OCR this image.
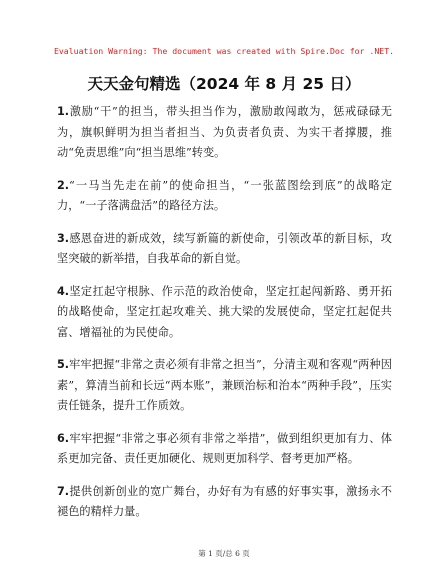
Evaluation Warning: The document was created with Spire.Doc for .NET.
天天金句精选（2024 年 8 月 25 日）

1.激励“干”的担当，带头担当作为，激励敢闯敢为，惩戒碌碌无为，旗帜鲜明为担当者担当、为负责者负责、为实干者撑腰，推动“免责思维”向“担当思维”转变。

2.“一马当先走在前”的使命担当，“一张蓝图绘到底”的战略定力，“一子落满盘活”的路径方法。

3.感恩奋进的新成效，续写新篇的新使命，引领改革的新目标，攻坚突破的新举措，自我革命的新自觉。

4.坚定扛起守根脉、作示范的政治使命，坚定扛起闯新路、勇开拓的战略使命，坚定扛起攻难关、挑大梁的发展使命，坚定扛起促共富、增福祉的为民使命。

5.牢牢把握“非常之责必须有非常之担当”，分清主观和客观“两种因素”，算清当前和长远“两本账”，兼顾治标和治本“两种手段”，压实责任链条，提升工作质效。

6.牢牢把握“非常之事必须有非常之举措”，做到组织更加有力、体系更加完备、责任更加硬化、规则更加科学、督考更加严格。

7.提供创新创业的宽广舞台，办好有为有感的好事实事，激扬永不褪色的精样力量。

第 1 页/总 6 页
